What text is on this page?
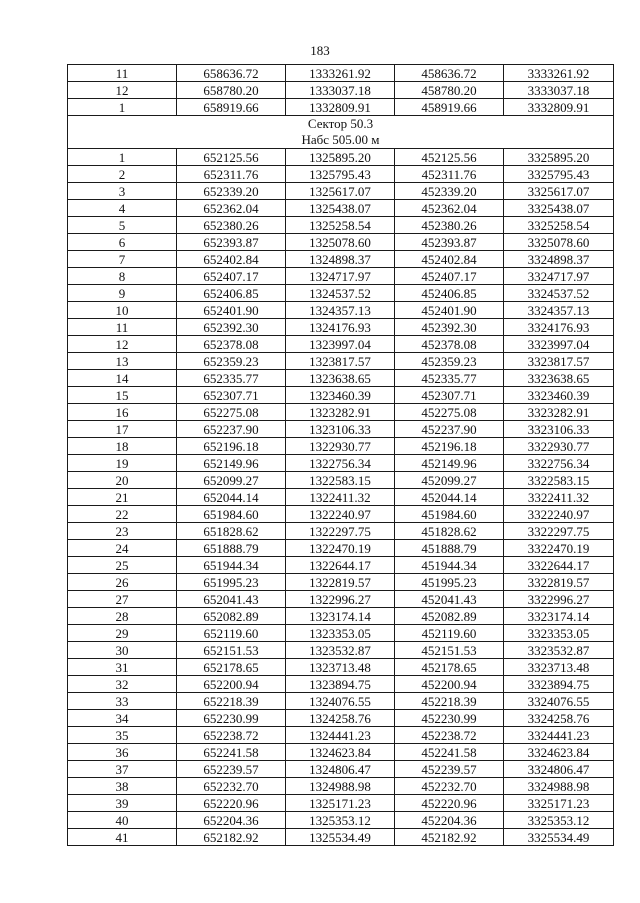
183
11	658636.72	1333261.92	458636.72	3333261.92
12	658780.20	1333037.18	458780.20	3333037.18
1	658919.66	1332809.91	458919.66	3332809.91

Сектор 50.3
Набс 505.00 м				

1	652125.56	1325895.20	452125.56	3325895.20
2	652311.76	1325795.43	452311.76	3325795.43
3	652339.20	1325617.07	452339.20	3325617.07
4	652362.04	1325438.07	452362.04	3325438.07
5	652380.26	1325258.54	452380.26	3325258.54
6	652393.87	1325078.60	452393.87	3325078.60
7	652402.84	1324898.37	452402.84	3324898.37
8	652407.17	1324717.97	452407.17	3324717.97
9	652406.85	1324537.52	452406.85	3324537.52
10	652401.90	1324357.13	452401.90	3324357.13
11	652392.30	1324176.93	452392.30	3324176.93
12	652378.08	1323997.04	452378.08	3323997.04
13	652359.23	1323817.57	452359.23	3323817.57
14	652335.77	1323638.65	452335.77	3323638.65
15	652307.71	1323460.39	452307.71	3323460.39
16	652275.08	1323282.91	452275.08	3323282.91
17	652237.90	1323106.33	452237.90	3323106.33
18	652196.18	1322930.77	452196.18	3322930.77
19	652149.96	1322756.34	452149.96	3322756.34
20	652099.27	1322583.15	452099.27	3322583.15
21	652044.14	1322411.32	452044.14	3322411.32
22	651984.60	1322240.97	451984.60	3322240.97
23	651828.62	1322297.75	451828.62	3322297.75
24	651888.79	1322470.19	451888.79	3322470.19
25	651944.34	1322644.17	451944.34	3322644.17
26	651995.23	1322819.57	451995.23	3322819.57
27	652041.43	1322996.27	452041.43	3322996.27
28	652082.89	1323174.14	452082.89	3323174.14
29	652119.60	1323353.05	452119.60	3323353.05
30	652151.53	1323532.87	452151.53	3323532.87
31	652178.65	1323713.48	452178.65	3323713.48
32	652200.94	1323894.75	452200.94	3323894.75
33	652218.39	1324076.55	452218.39	3324076.55
34	652230.99	1324258.76	452230.99	3324258.76
35	652238.72	1324441.23	452238.72	3324441.23
36	652241.58	1324623.84	452241.58	3324623.84
37	652239.57	1324806.47	452239.57	3324806.47
38	652232.70	1324988.98	452232.70	3324988.98
39	652220.96	1325171.23	452220.96	3325171.23
40	652204.36	1325353.12	452204.36	3325353.12
41	652182.92	1325534.49	452182.92	3325534.49
